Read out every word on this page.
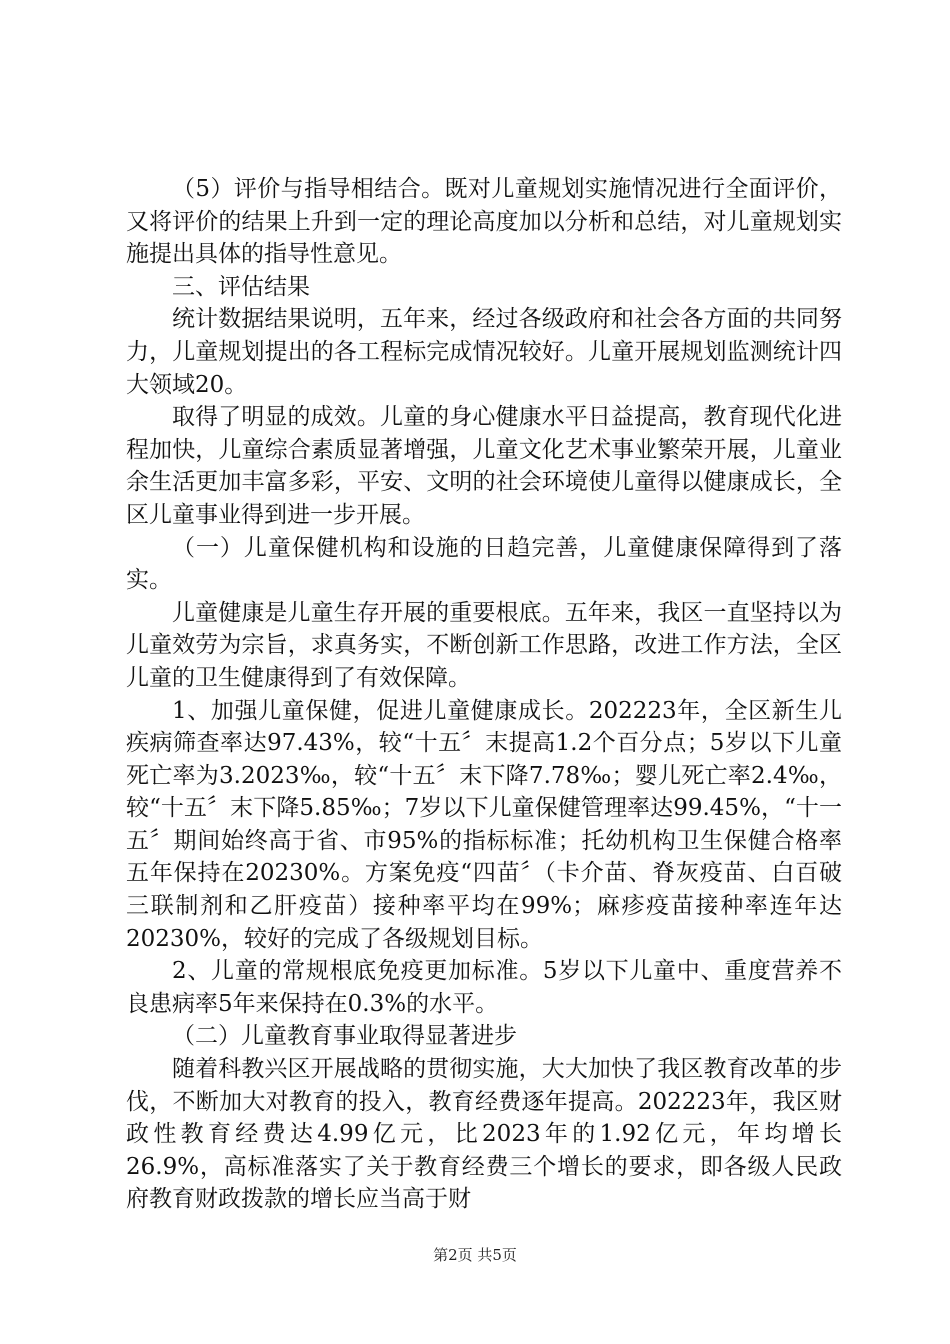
（5）评价与指导相结合。既对儿童规划实施情况进行全面评价，又将评价的结果上升到一定的理论高度加以分析和总结，对儿童规划实施提出具体的指导性意见。

三、评估结果

统计数据结果说明，五年来，经过各级政府和社会各方面的共同努力，儿童规划提出的各工程标完成情况较好。儿童开展规划监测统计四大领域20。

取得了明显的成效。儿童的身心健康水平日益提高，教育现代化进程加快，儿童综合素质显著增强，儿童文化艺术事业繁荣开展，儿童业余生活更加丰富多彩，平安、文明的社会环境使儿童得以健康成长，全区儿童事业得到进一步开展。

（一）儿童保健机构和设施的日趋完善，儿童健康保障得到了落实。

儿童健康是儿童生存开展的重要根底。五年来，我区一直坚持以为儿童效劳为宗旨，求真务实，不断创新工作思路，改进工作方法，全区儿童的卫生健康得到了有效保障。

1、加强儿童保健，促进儿童健康成长。202223年，全区新生儿疾病筛查率达97.43%，较“十五〞末提高1.2个百分点；5岁以下儿童死亡率为3.2023‰，较“十五〞末下降7.78‰；婴儿死亡率2.4‰，较“十五〞末下降5.85‰；7岁以下儿童保健管理率达99.45%，“十一五〞期间始终高于省、市95%的指标标准；托幼机构卫生保健合格率五年保持在20230%。方案免疫“四苗〞（卡介苗、脊灰疫苗、白百破三联制剂和乙肝疫苗）接种率平均在99%；麻疹疫苗接种率连年达20230%，较好的完成了各级规划目标。

2、儿童的常规根底免疫更加标准。5岁以下儿童中、重度营养不良患病率5年来保持在0.3%的水平。

（二）儿童教育事业取得显著进步

随着科教兴区开展战略的贯彻实施，大大加快了我区教育改革的步伐，不断加大对教育的投入，教育经费逐年提高。202223年，我区财政性教育经费达4.99亿元，比2023年的1.92亿元，年均增长26.9%，高标准落实了关于教育经费三个增长的要求，即各级人民政府教育财政拨款的增长应当高于财

第2页 共5页
